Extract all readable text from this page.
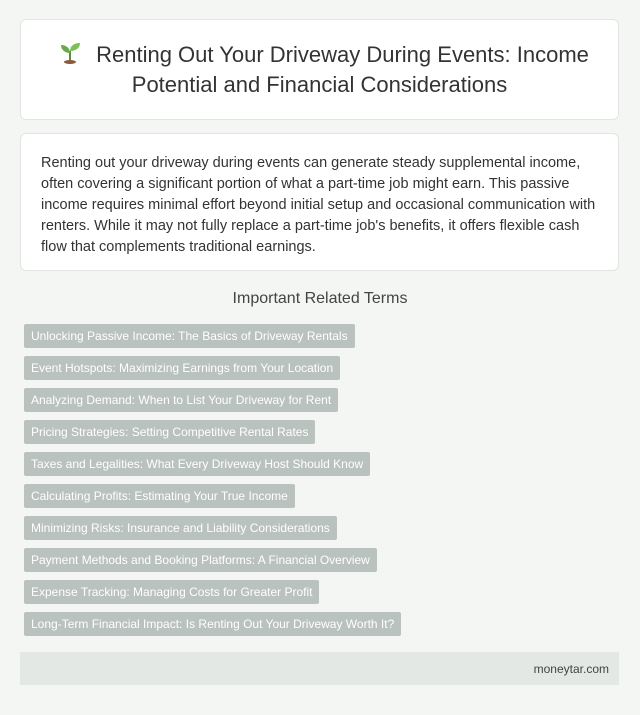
Renting Out Your Driveway During Events: Income Potential and Financial Considerations

Renting out your driveway during events can generate steady supplemental income, often covering a significant portion of what a part-time job might earn. This passive income requires minimal effort beyond initial setup and occasional communication with renters. While it may not fully replace a part-time job's benefits, it offers flexible cash flow that complements traditional earnings.

Important Related Terms
Unlocking Passive Income: The Basics of Driveway Rentals
Event Hotspots: Maximizing Earnings from Your Location
Analyzing Demand: When to List Your Driveway for Rent
Pricing Strategies: Setting Competitive Rental Rates
Taxes and Legalities: What Every Driveway Host Should Know
Calculating Profits: Estimating Your True Income
Minimizing Risks: Insurance and Liability Considerations
Payment Methods and Booking Platforms: A Financial Overview
Expense Tracking: Managing Costs for Greater Profit
Long-Term Financial Impact: Is Renting Out Your Driveway Worth It?
moneytar.com
